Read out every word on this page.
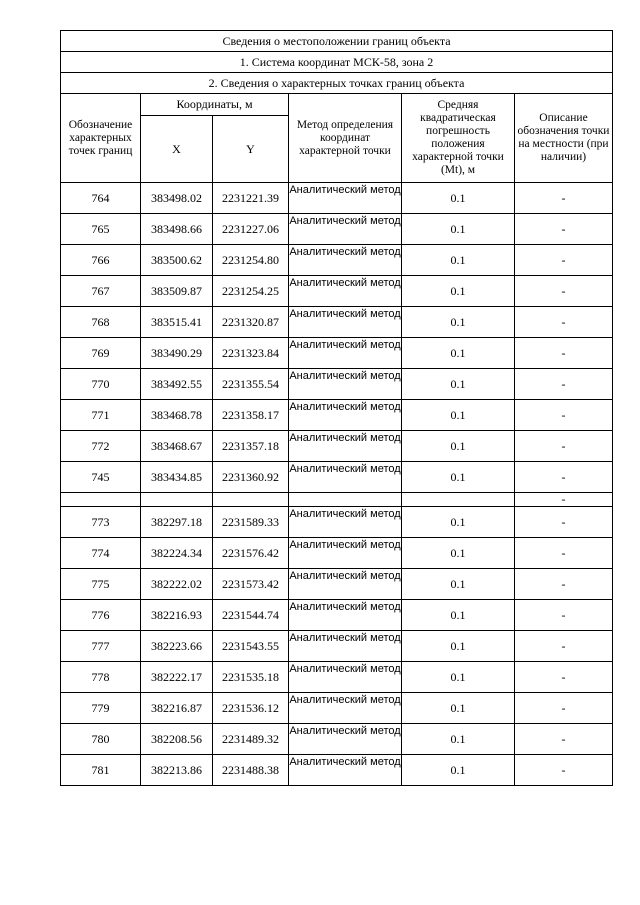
Сведения о местоположении границ объекта					
1. Система координат МСК-58, зона 2					
2. Сведения о характерных точках границ объекта					
Обозначение характерных точек границ	Координаты, м		Метод определения координат характерной точки	Средняя квадратическая погрешность положения характерной точки (Mt), м	Описание обозначения точки на местности (при наличии)
	X	Y			
764	383498.02	2231221.39	Аналитический метод	0.1	-
765	383498.66	2231227.06	Аналитический метод	0.1	-
766	383500.62	2231254.80	Аналитический метод	0.1	-
767	383509.87	2231254.25	Аналитический метод	0.1	-
768	383515.41	2231320.87	Аналитический метод	0.1	-
769	383490.29	2231323.84	Аналитический метод	0.1	-
770	383492.55	2231355.54	Аналитический метод	0.1	-
771	383468.78	2231358.17	Аналитический метод	0.1	-
772	383468.67	2231357.18	Аналитический метод	0.1	-
745	383434.85	2231360.92	Аналитический метод	0.1	-
					-
773	382297.18	2231589.33	Аналитический метод	0.1	-
774	382224.34	2231576.42	Аналитический метод	0.1	-
775	382222.02	2231573.42	Аналитический метод	0.1	-
776	382216.93	2231544.74	Аналитический метод	0.1	-
777	382223.66	2231543.55	Аналитический метод	0.1	-
778	382222.17	2231535.18	Аналитический метод	0.1	-
779	382216.87	2231536.12	Аналитический метод	0.1	-
780	382208.56	2231489.32	Аналитический метод	0.1	-
781	382213.86	2231488.38	Аналитический метод	0.1	-
